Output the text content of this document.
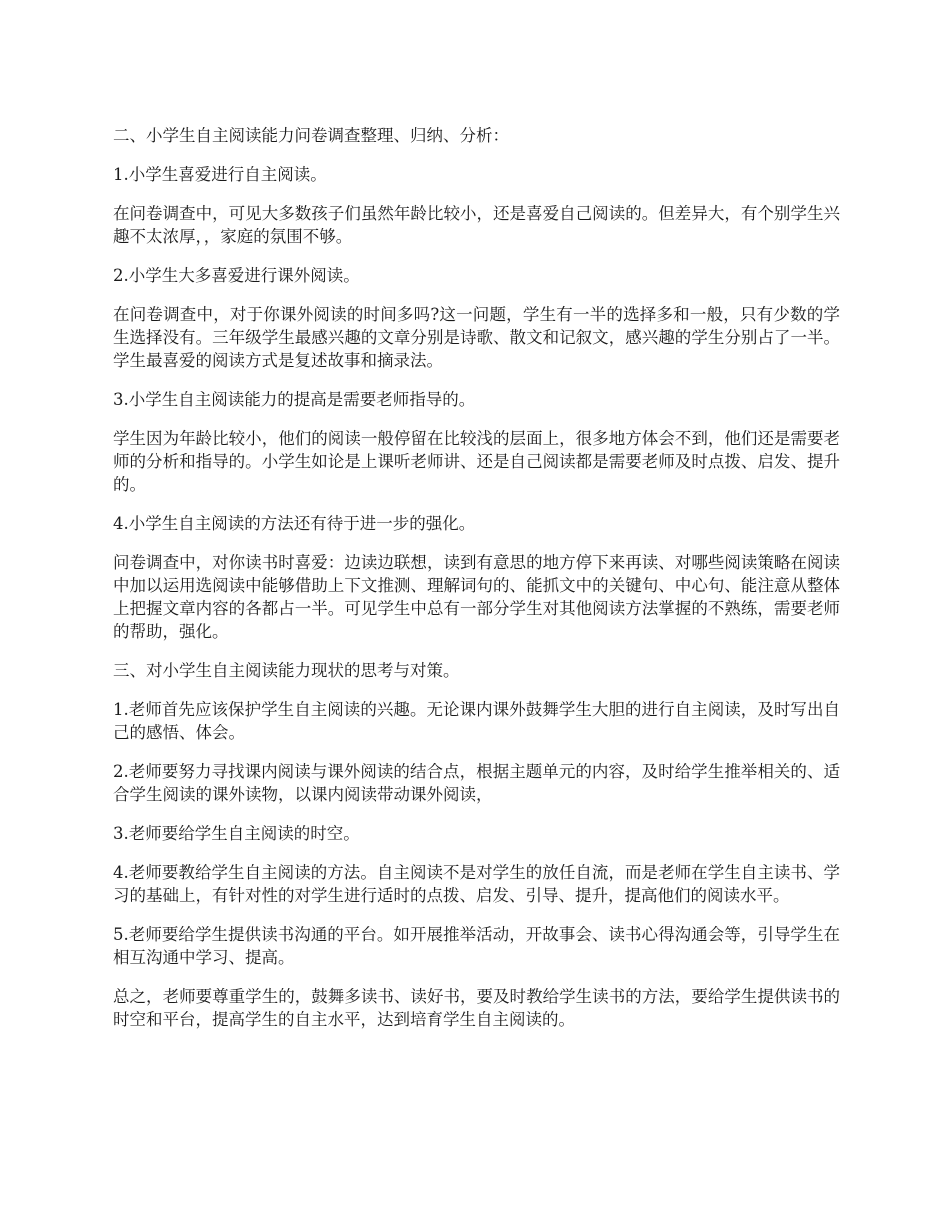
二、小学生自主阅读能力问卷调查整理、归纳、分析：

1.小学生喜爱进行自主阅读。

在问卷调查中，可见大多数孩子们虽然年龄比较小，还是喜爱自己阅读的。但差异大，有个别学生兴趣不太浓厚，，家庭的氛围不够。

2.小学生大多喜爱进行课外阅读。

在问卷调查中，对于你课外阅读的时间多吗?这一问题，学生有一半的选择多和一般，只有少数的学生选择没有。三年级学生最感兴趣的文章分别是诗歌、散文和记叙文，感兴趣的学生分别占了一半。学生最喜爱的阅读方式是复述故事和摘录法。

3.小学生自主阅读能力的提高是需要老师指导的。

学生因为年龄比较小，他们的阅读一般停留在比较浅的层面上，很多地方体会不到，他们还是需要老师的分析和指导的。小学生如论是上课听老师讲、还是自己阅读都是需要老师及时点拨、启发、提升的。

4.小学生自主阅读的方法还有待于进一步的强化。

问卷调查中，对你读书时喜爱：边读边联想，读到有意思的地方停下来再读、对哪些阅读策略在阅读中加以运用选阅读中能够借助上下文推测、理解词句的、能抓文中的关键句、中心句、能注意从整体上把握文章内容的各都占一半。可见学生中总有一部分学生对其他阅读方法掌握的不熟练，需要老师的帮助，强化。

三、对小学生自主阅读能力现状的思考与对策。

1.老师首先应该保护学生自主阅读的兴趣。无论课内课外鼓舞学生大胆的进行自主阅读，及时写出自己的感悟、体会。

2.老师要努力寻找课内阅读与课外阅读的结合点，根据主题单元的内容，及时给学生推举相关的、适合学生阅读的课外读物，以课内阅读带动课外阅读，

3.老师要给学生自主阅读的时空。

4.老师要教给学生自主阅读的方法。自主阅读不是对学生的放任自流，而是老师在学生自主读书、学习的基础上，有针对性的对学生进行适时的点拨、启发、引导、提升，提高他们的阅读水平。

5.老师要给学生提供读书沟通的平台。如开展推举活动，开故事会、读书心得沟通会等，引导学生在相互沟通中学习、提高。

总之，老师要尊重学生的，鼓舞多读书、读好书，要及时教给学生读书的方法，要给学生提供读书的时空和平台，提高学生的自主水平，达到培育学生自主阅读的。
